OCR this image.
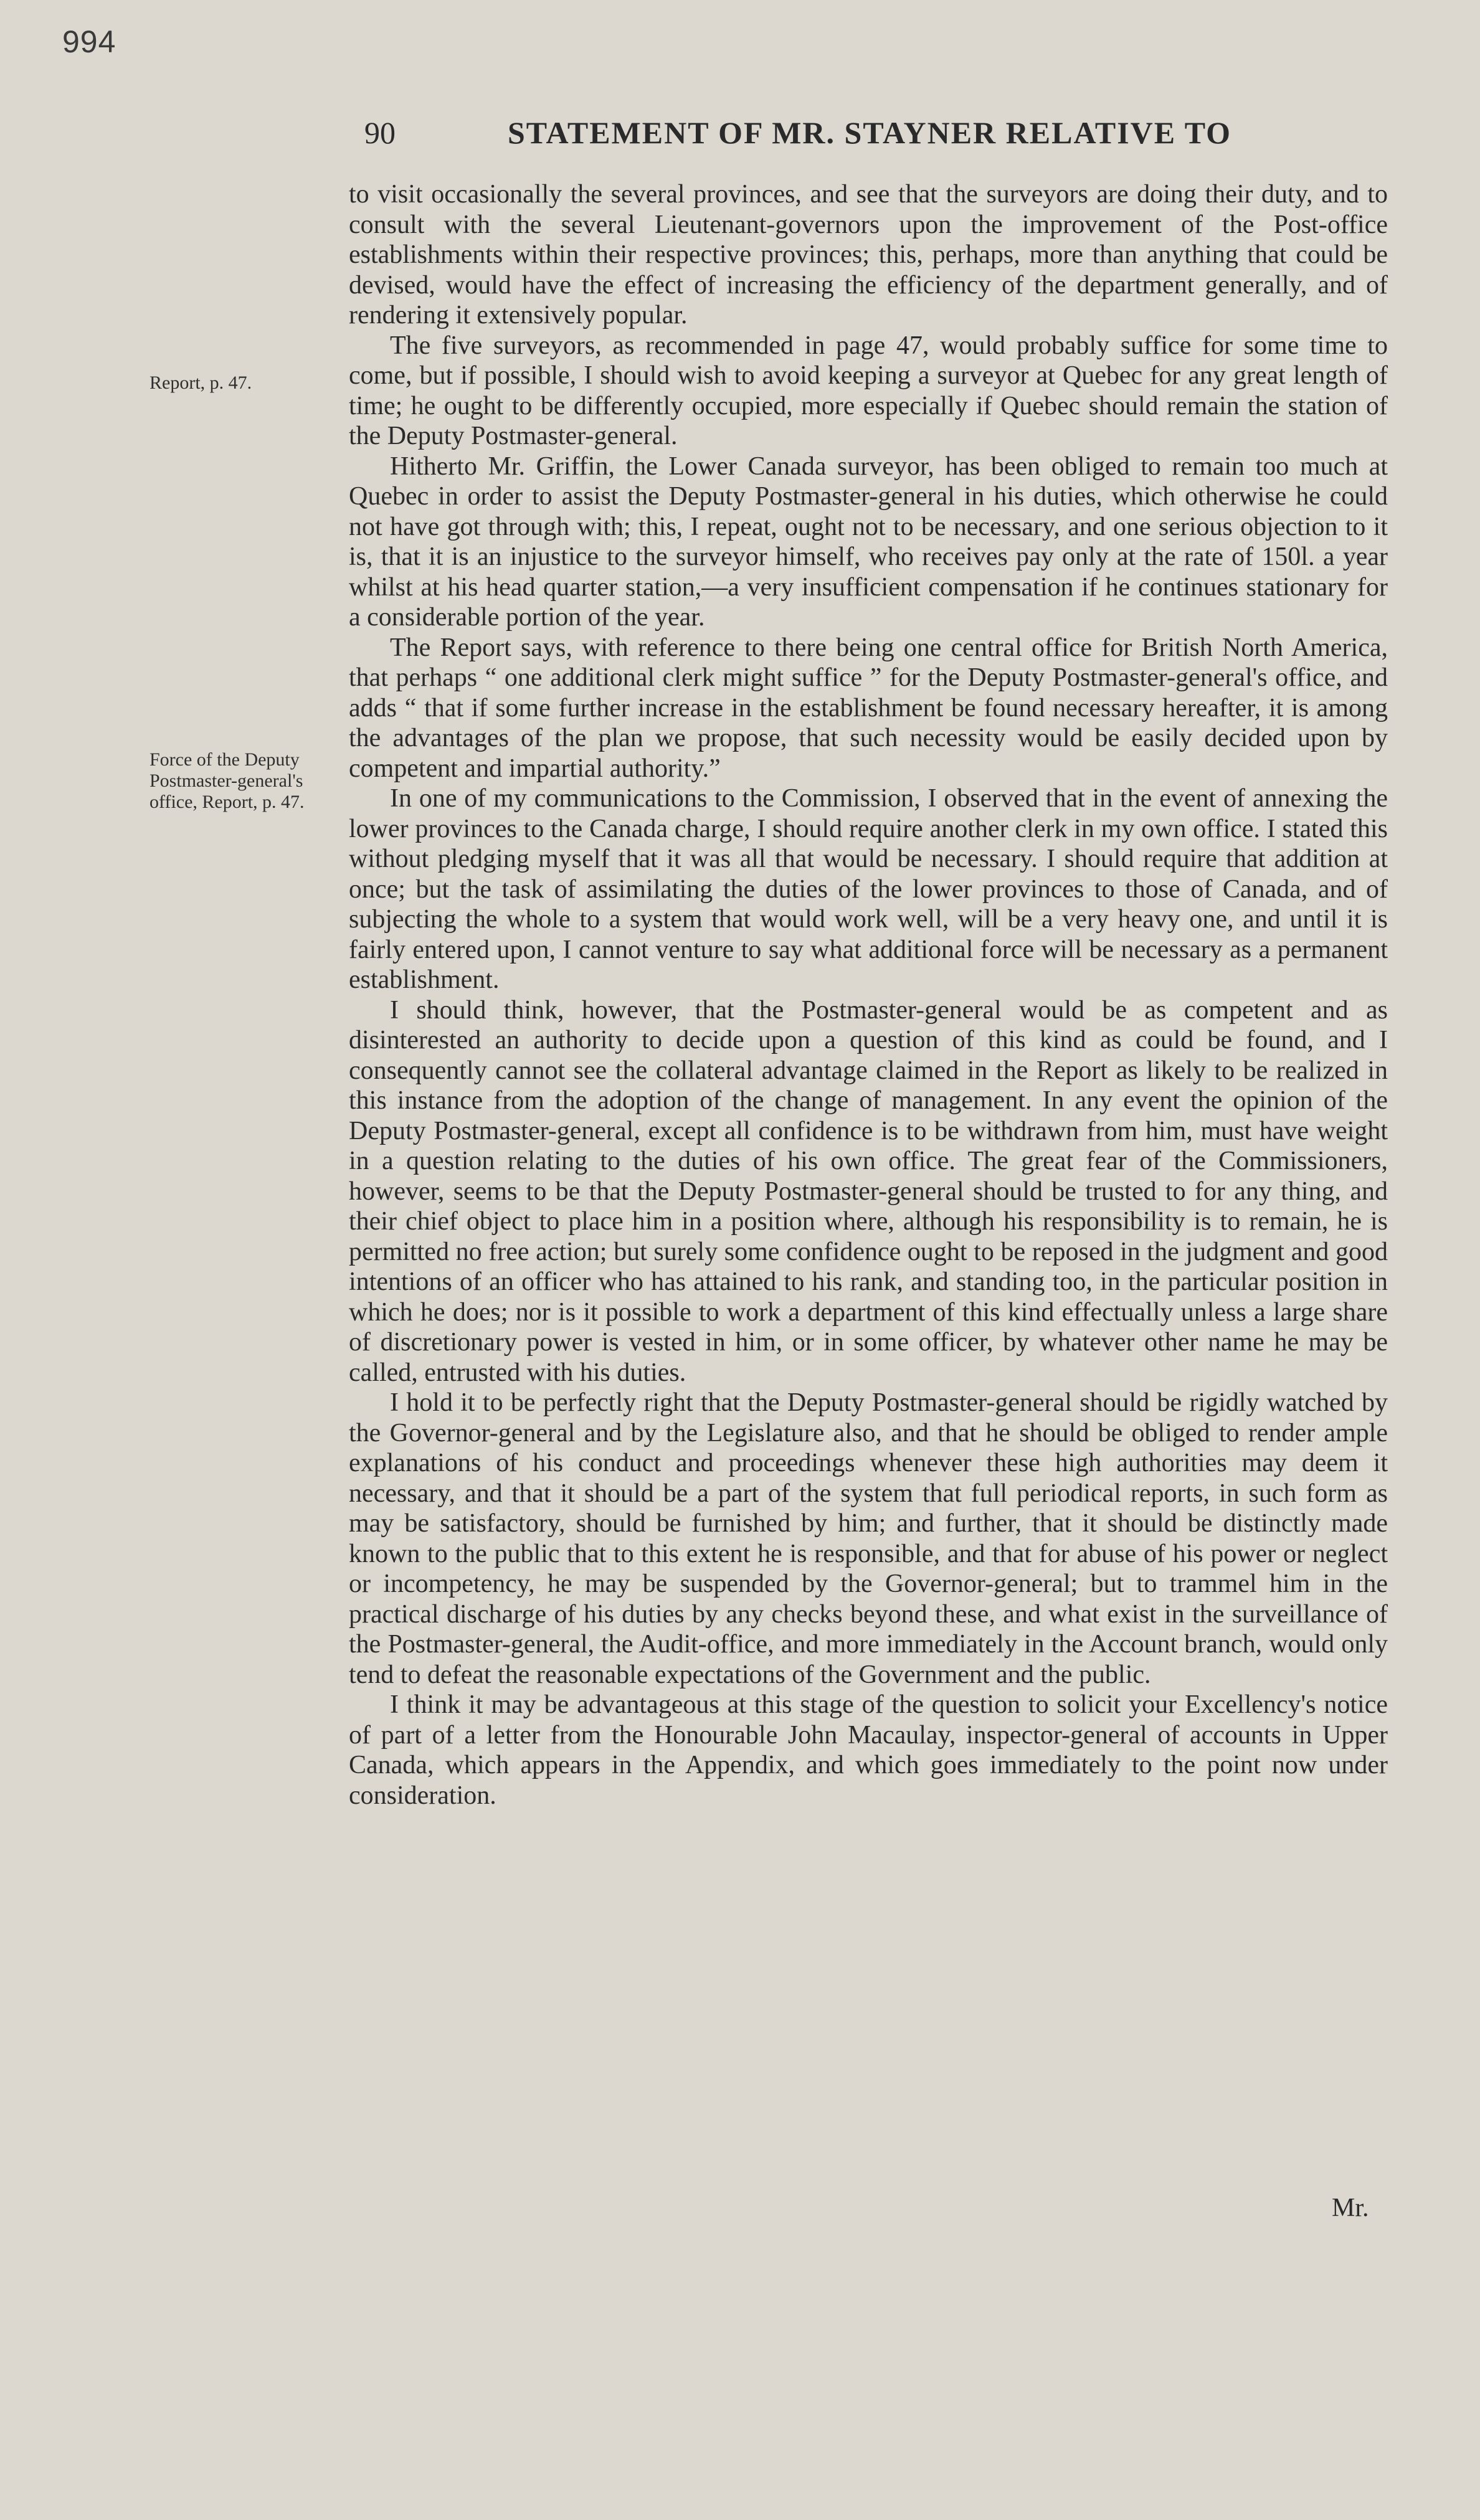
994
90	STATEMENT OF MR. STAYNER RELATIVE TO
Report, p. 47.
Force of the Deputy Postmaster-general's office, Report, p. 47.

to visit occasionally the several provinces, and see that the surveyors are doing their duty, and to consult with the several Lieutenant-governors upon the improvement of the Post-office establishments within their respective provinces; this, perhaps, more than anything that could be devised, would have the effect of increasing the efficiency of the department generally, and of rendering it extensively popular.

The five surveyors, as recommended in page 47, would probably suffice for some time to come, but if possible, I should wish to avoid keeping a surveyor at Quebec for any great length of time; he ought to be differently occupied, more especially if Quebec should remain the station of the Deputy Postmaster-general.

Hitherto Mr. Griffin, the Lower Canada surveyor, has been obliged to remain too much at Quebec in order to assist the Deputy Postmaster-general in his duties, which otherwise he could not have got through with; this, I repeat, ought not to be necessary, and one serious objection to it is, that it is an injustice to the surveyor himself, who receives pay only at the rate of 150l. a year whilst at his head quarter station,—a very insufficient compensation if he continues stationary for a considerable portion of the year.

The Report says, with reference to there being one central office for British North America, that perhaps “ one additional clerk might suffice ” for the Deputy Postmaster-general's office, and adds “ that if some further increase in the establishment be found necessary hereafter, it is among the advantages of the plan we propose, that such necessity would be easily decided upon by competent and impartial authority.”

In one of my communications to the Commission, I observed that in the event of annexing the lower provinces to the Canada charge, I should require another clerk in my own office. I stated this without pledging myself that it was all that would be necessary. I should require that addition at once; but the task of assimilating the duties of the lower provinces to those of Canada, and of subjecting the whole to a system that would work well, will be a very heavy one, and until it is fairly entered upon, I cannot venture to say what additional force will be necessary as a permanent establishment.

I should think, however, that the Postmaster-general would be as competent and as disinterested an authority to decide upon a question of this kind as could be found, and I consequently cannot see the collateral advantage claimed in the Report as likely to be realized in this instance from the adoption of the change of management. In any event the opinion of the Deputy Postmaster-general, except all confidence is to be withdrawn from him, must have weight in a question relating to the duties of his own office. The great fear of the Commissioners, however, seems to be that the Deputy Postmaster-general should be trusted to for any thing, and their chief object to place him in a position where, although his responsibility is to remain, he is permitted no free action; but surely some confidence ought to be reposed in the judgment and good intentions of an officer who has attained to his rank, and standing too, in the particular position in which he does; nor is it possible to work a department of this kind effectually unless a large share of discretionary power is vested in him, or in some officer, by whatever other name he may be called, entrusted with his duties.

I hold it to be perfectly right that the Deputy Postmaster-general should be rigidly watched by the Governor-general and by the Legislature also, and that he should be obliged to render ample explanations of his conduct and proceedings whenever these high authorities may deem it necessary, and that it should be a part of the system that full periodical reports, in such form as may be satisfactory, should be furnished by him; and further, that it should be distinctly made known to the public that to this extent he is responsible, and that for abuse of his power or neglect or incompetency, he may be suspended by the Governor-general; but to trammel him in the practical discharge of his duties by any checks beyond these, and what exist in the surveillance of the Postmaster-general, the Audit-office, and more immediately in the Account branch, would only tend to defeat the reasonable expectations of the Government and the public.

I think it may be advantageous at this stage of the question to solicit your Excellency's notice of part of a letter from the Honourable John Macaulay, inspector-general of accounts in Upper Canada, which appears in the Appendix, and which goes immediately to the point now under consideration.

Mr.
